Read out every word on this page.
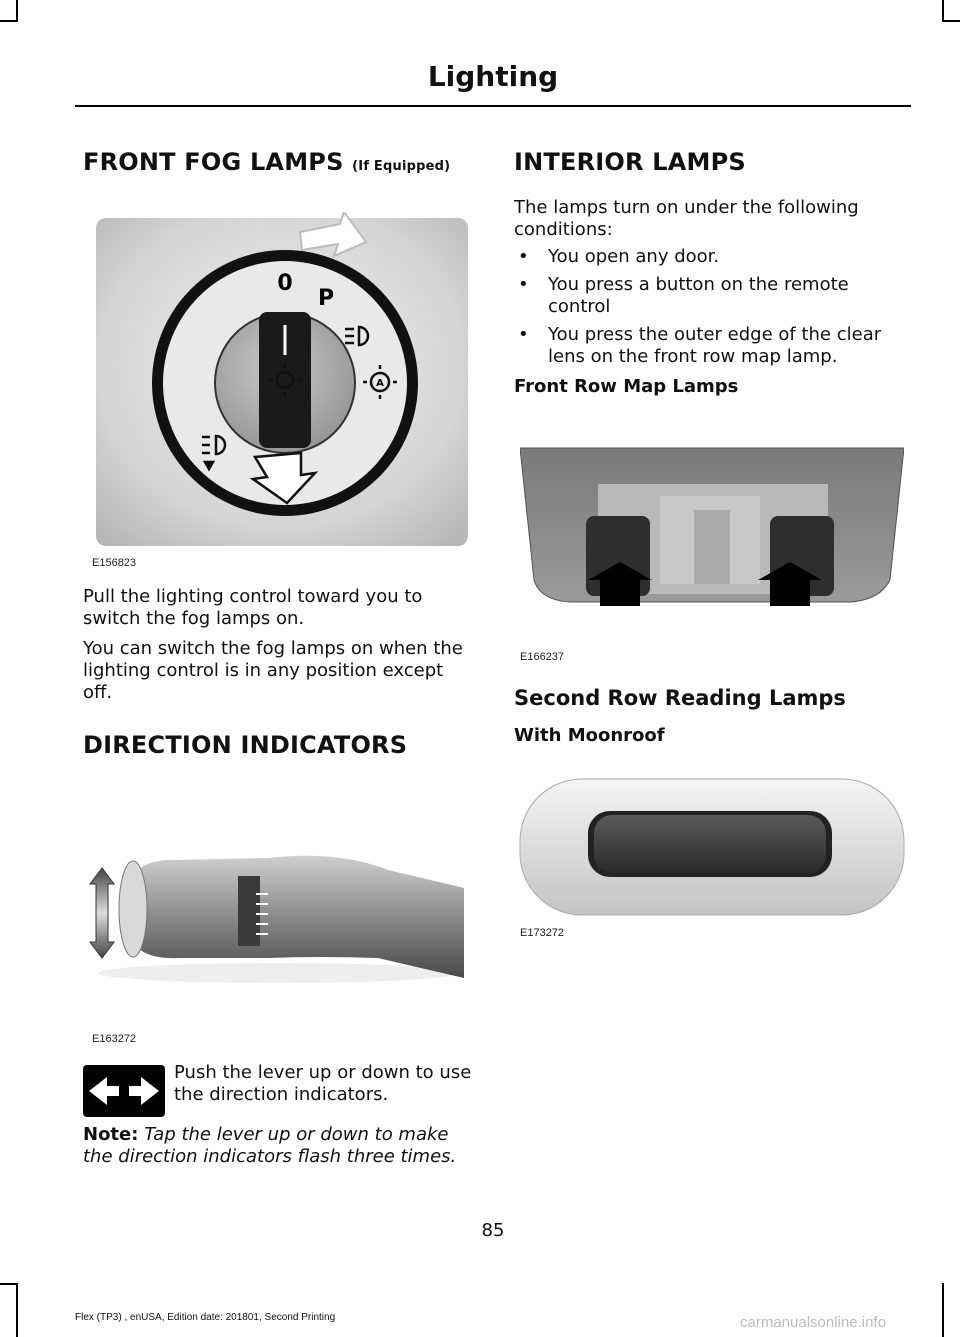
Lighting
FRONT FOG LAMPS (If Equipped)
0
P
A
E156823

Pull the lighting control toward you to switch the fog lamps on.

You can switch the fog lamps on when the lighting control is in any position except off.

DIRECTION INDICATORS
E163272

Push the lever up or down to use the direction indicators.

Note: Tap the lever up or down to make the direction indicators flash three times.

INTERIOR LAMPS

The lamps turn on under the following conditions:

• You open any door.
• You press a button on the remote control
• You press the outer edge of the clear lens on the front row map lamp.
Front Row Map Lamps
E166237
Second Row Reading Lamps
With Moonroof
E173272
85
Flex (TP3) , enUSA, Edition date: 201801, Second Printing	carmanualsonline.info
